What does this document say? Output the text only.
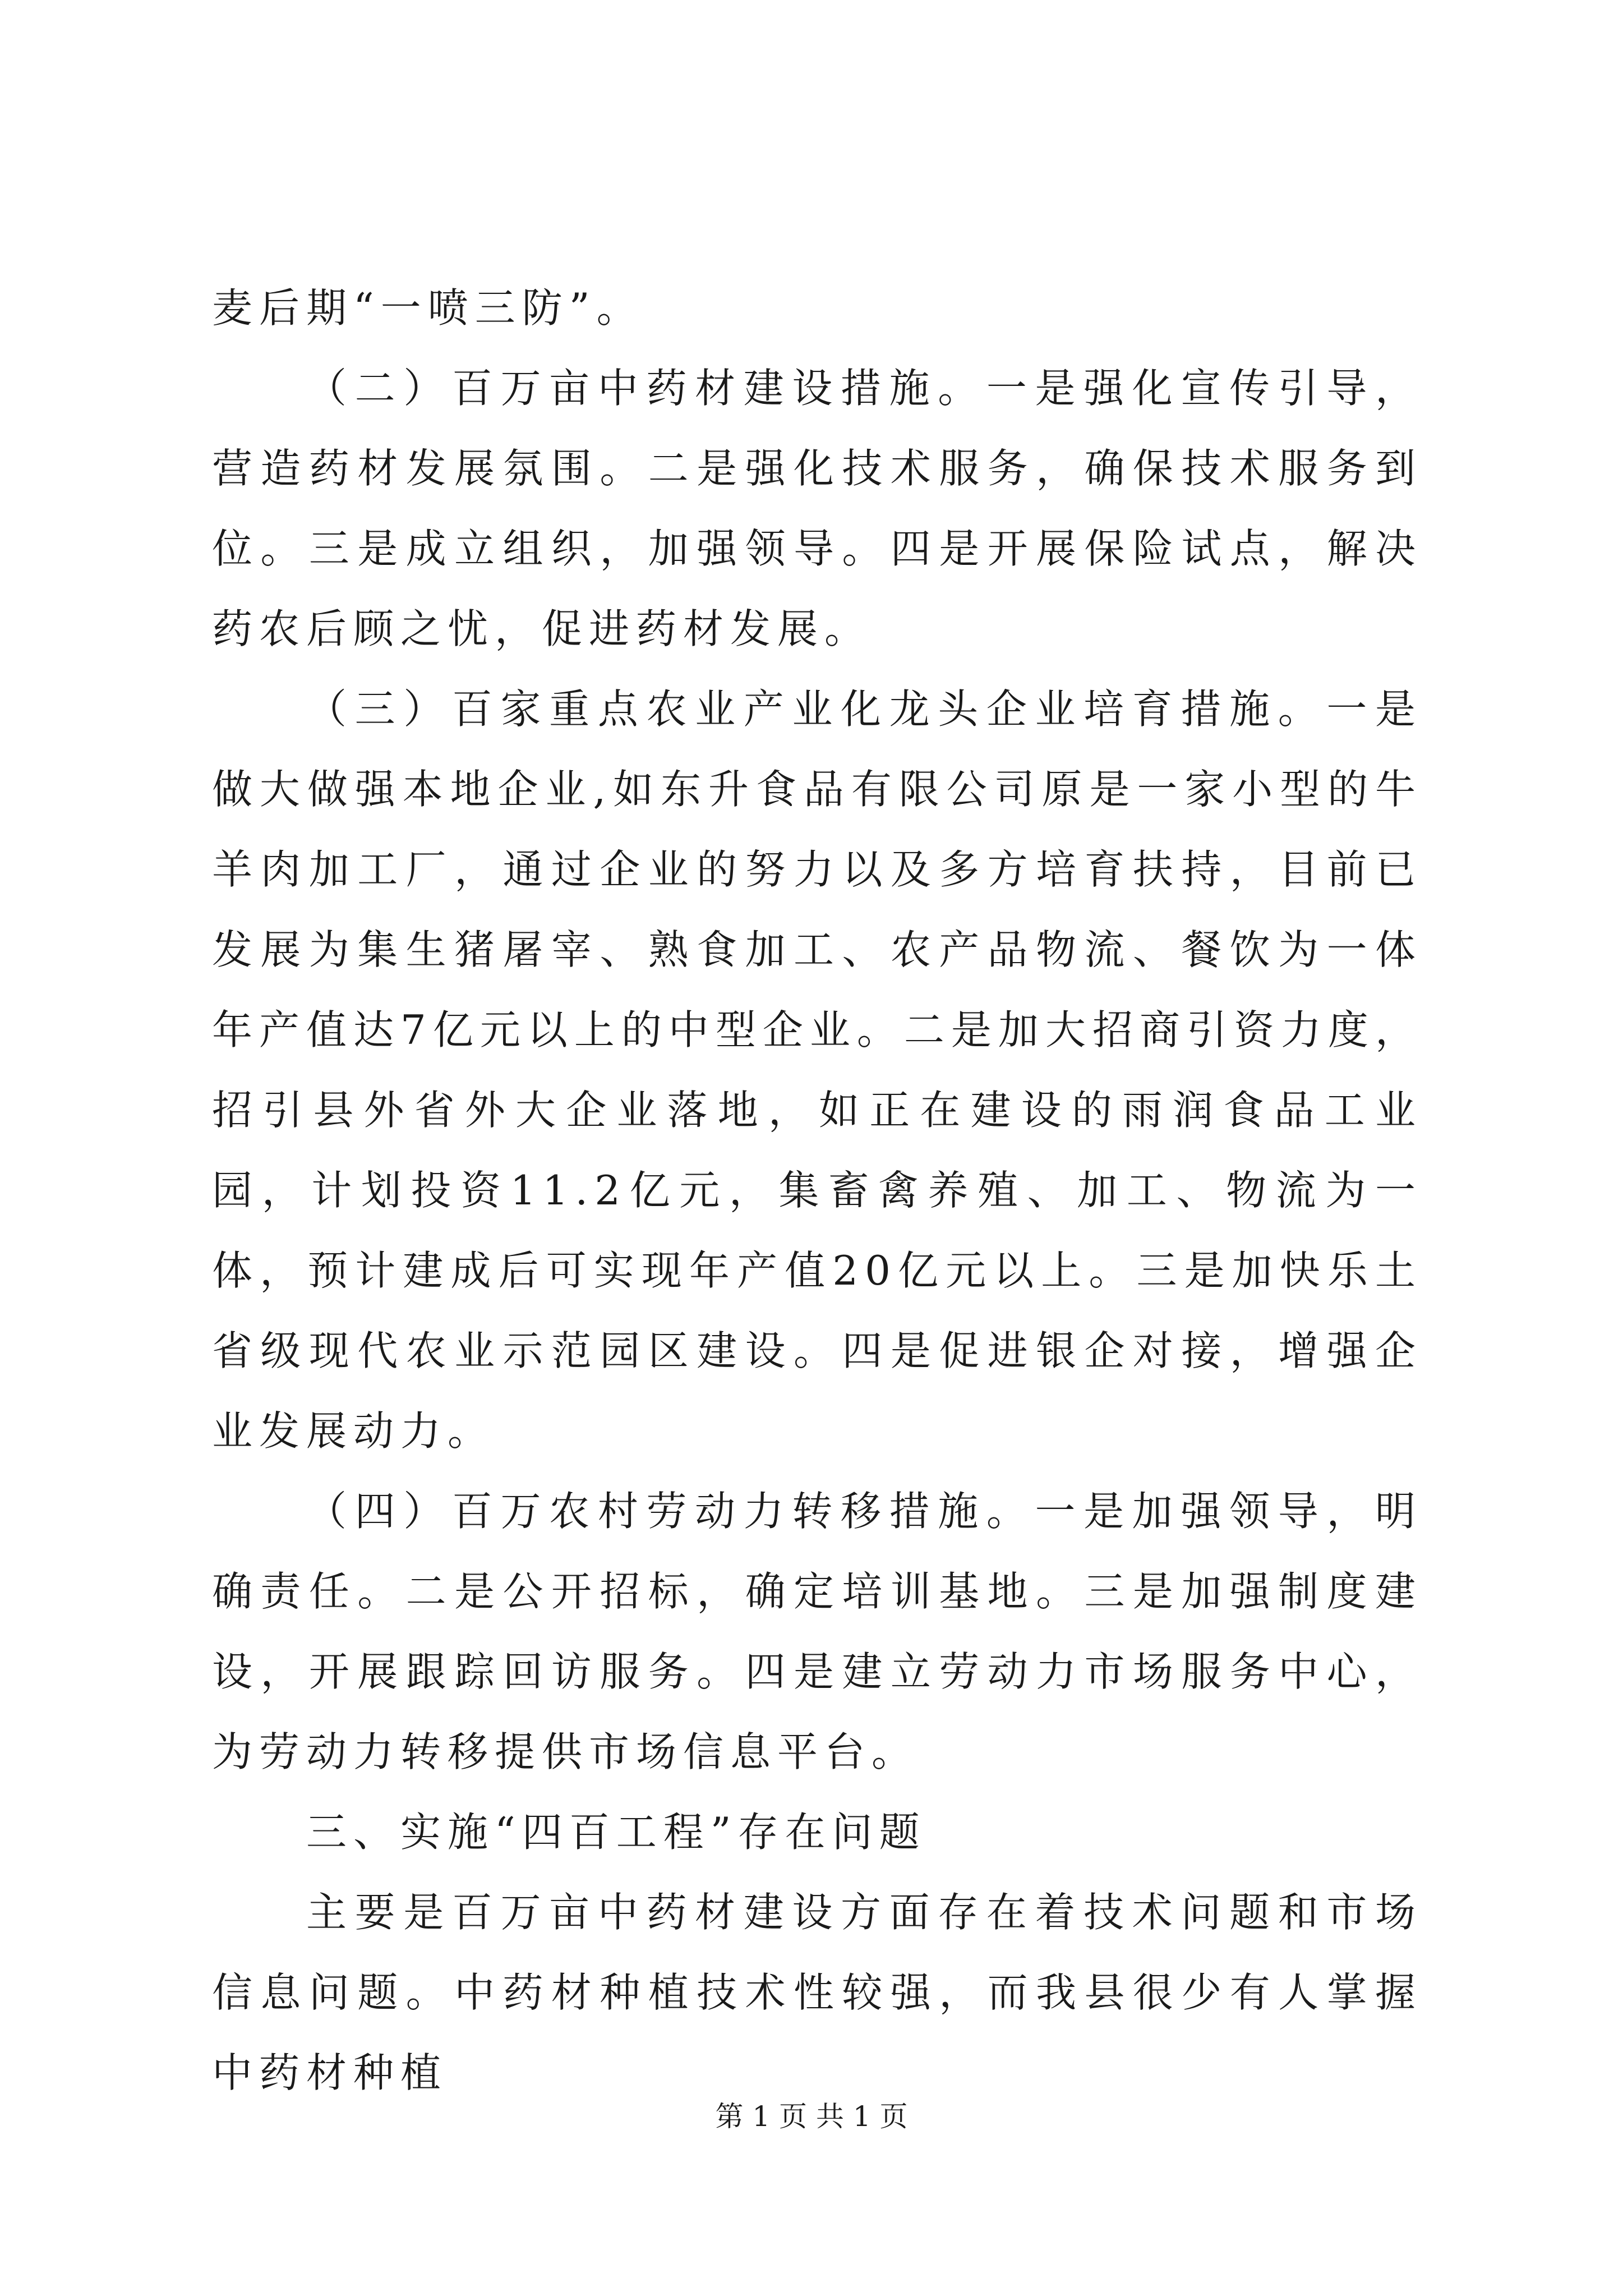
麦后期“一喷三防”。

（二）百万亩中药材建设措施。一是强化宣传引导，营造药材发展氛围。二是强化技术服务，确保技术服务到位。三是成立组织，加强领导。四是开展保险试点，解决药农后顾之忧，促进药材发展。

（三）百家重点农业产业化龙头企业培育措施。一是做大做强本地企业,如东升食品有限公司原是一家小型的牛羊肉加工厂，通过企业的努力以及多方培育扶持，目前已发展为集生猪屠宰、熟食加工、农产品物流、餐饮为一体年产值达7亿元以上的中型企业。二是加大招商引资力度，招引县外省外大企业落地，如正在建设的雨润食品工业园，计划投资11.2亿元，集畜禽养殖、加工、物流为一体，预计建成后可实现年产值20亿元以上。三是加快乐土省级现代农业示范园区建设。四是促进银企对接，增强企业发展动力。

（四）百万农村劳动力转移措施。一是加强领导，明确责任。二是公开招标，确定培训基地。三是加强制度建设，开展跟踪回访服务。四是建立劳动力市场服务中心，为劳动力转移提供市场信息平台。

三、实施“四百工程”存在问题

主要是百万亩中药材建设方面存在着技术问题和市场信息问题。中药材种植技术性较强，而我县很少有人掌握中药材种植

第 1 页 共 1 页
